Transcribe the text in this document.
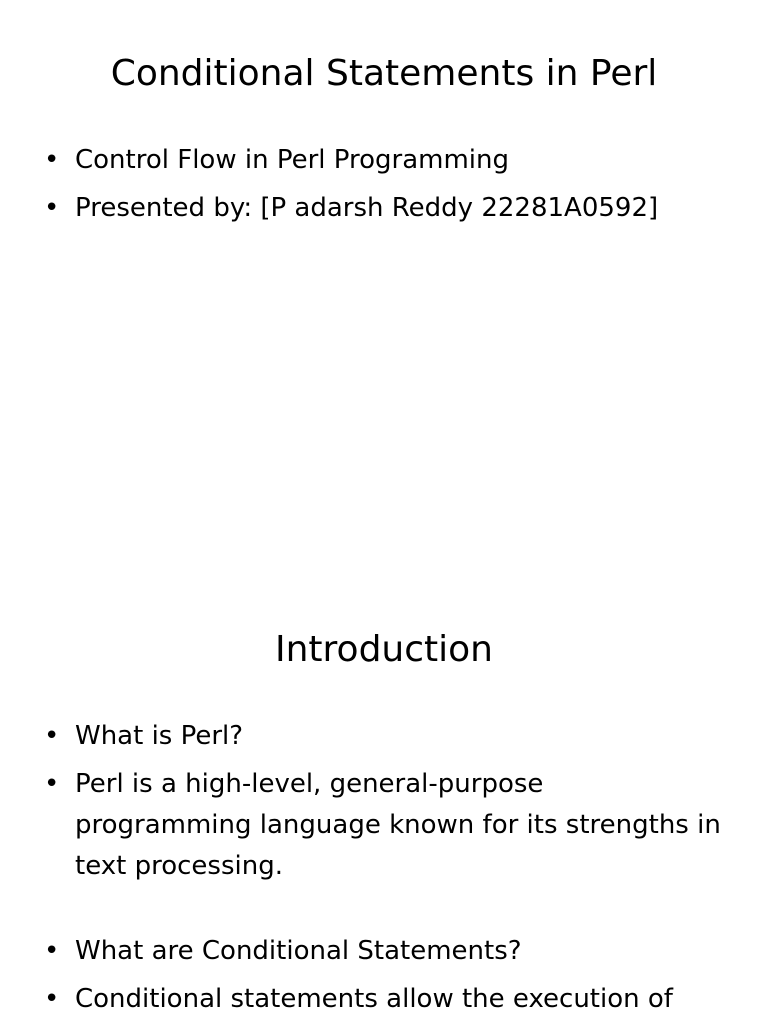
Conditional Statements in Perl
• Control Flow in Perl Programming
• Presented by: [P adarsh Reddy 22281A0592]
Introduction
• What is Perl?
• Perl is a high-level, general-purpose programming language known for its strengths in text processing.
• What are Conditional Statements?
• Conditional statements allow the execution of
